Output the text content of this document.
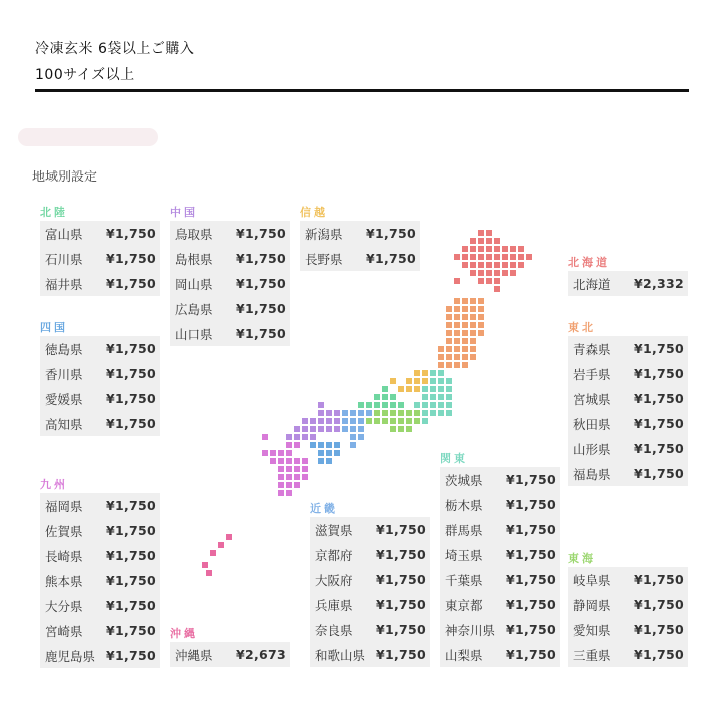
冷凍玄米 6袋以上ご購入
100サイズ以上
地域別設定
北陸
富山県	¥1,750
石川県	¥1,750
福井県	¥1,750
中国
鳥取県	¥1,750
島根県	¥1,750
岡山県	¥1,750
広島県	¥1,750
山口県	¥1,750
信越
新潟県	¥1,750
長野県	¥1,750
四国
徳島県	¥1,750
香川県	¥1,750
愛媛県	¥1,750
高知県	¥1,750
九州
福岡県	¥1,750
佐賀県	¥1,750
長崎県	¥1,750
熊本県	¥1,750
大分県	¥1,750
宮崎県	¥1,750
鹿児島県 ¥1,750
沖縄
沖縄県	¥2,673
近畿
滋賀県	¥1,750
京都府	¥1,750
大阪府	¥1,750
兵庫県	¥1,750
奈良県	¥1,750
和歌山県 ¥1,750
関東
茨城県	¥1,750
栃木県	¥1,750
群馬県	¥1,750
埼玉県	¥1,750
千葉県	¥1,750
東京都	¥1,750
神奈川県 ¥1,750
山梨県	¥1,750
北海道
北海道	¥2,332
東北
青森県	¥1,750
岩手県	¥1,750
宮城県	¥1,750
秋田県	¥1,750
山形県	¥1,750
福島県	¥1,750
東海
岐阜県	¥1,750
静岡県	¥1,750
愛知県	¥1,750
三重県	¥1,750
